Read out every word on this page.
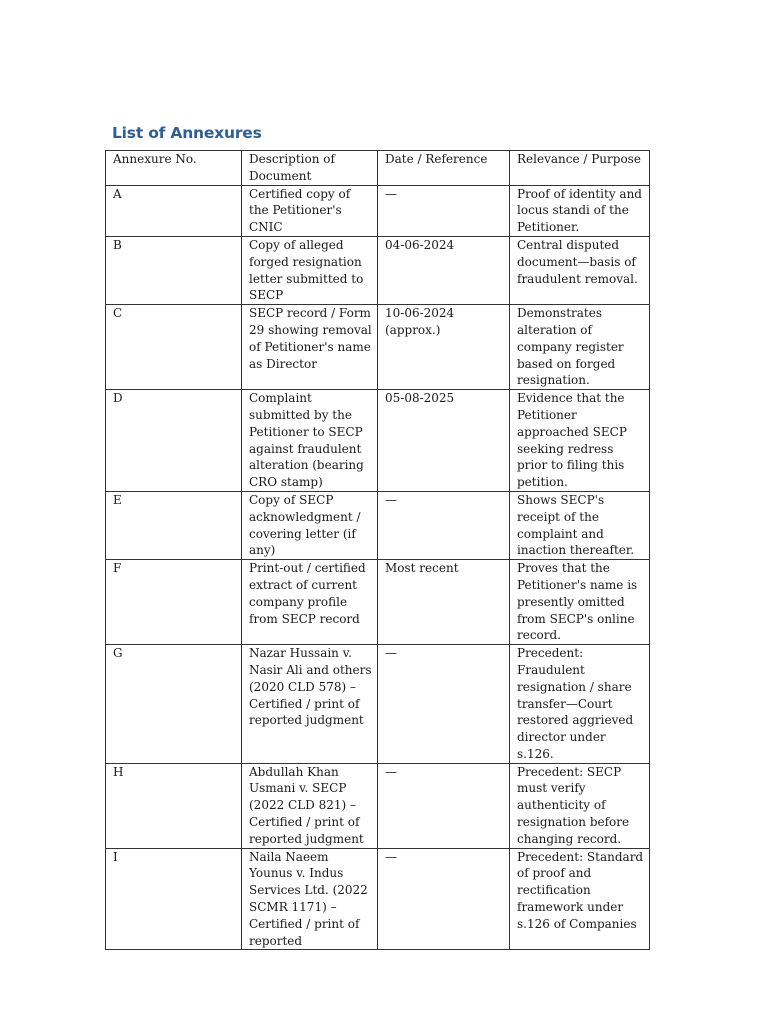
List of Annexures
Annexure No.	Description of Document	Date / Reference	Relevance / Purpose
A	Certified copy of the Petitioner's CNIC	—	Proof of identity and locus standi of the Petitioner.
B	Copy of alleged forged resignation letter submitted to SECP	04-06-2024	Central disputed document—basis of fraudulent removal.
C	SECP record / Form 29 showing removal of Petitioner's name as Director	10-06-2024 (approx.)	Demonstrates alteration of company register based on forged resignation.
D	Complaint submitted by the Petitioner to SECP against fraudulent alteration (bearing CRO stamp)	05-08-2025	Evidence that the Petitioner approached SECP seeking redress prior to filing this petition.
E	Copy of SECP acknowledgment / covering letter (if any)	—	Shows SECP's receipt of the complaint and inaction thereafter.
F	Print-out / certified extract of current company profile from SECP record	Most recent	Proves that the Petitioner's name is presently omitted from SECP's online record.
G	Nazar Hussain v. Nasir Ali and others (2020 CLD 578) – Certified / print of reported judgment	—	Precedent: Fraudulent resignation / share transfer—Court restored aggrieved director under s.126.
H	Abdullah Khan Usmani v. SECP (2022 CLD 821) – Certified / print of reported judgment	—	Precedent: SECP must verify authenticity of resignation before changing record.
I	Naila Naeem Younus v. Indus Services Ltd. (2022 SCMR 1171) – Certified / print of reported	—	Precedent: Standard of proof and rectification framework under s.126 of Companies
